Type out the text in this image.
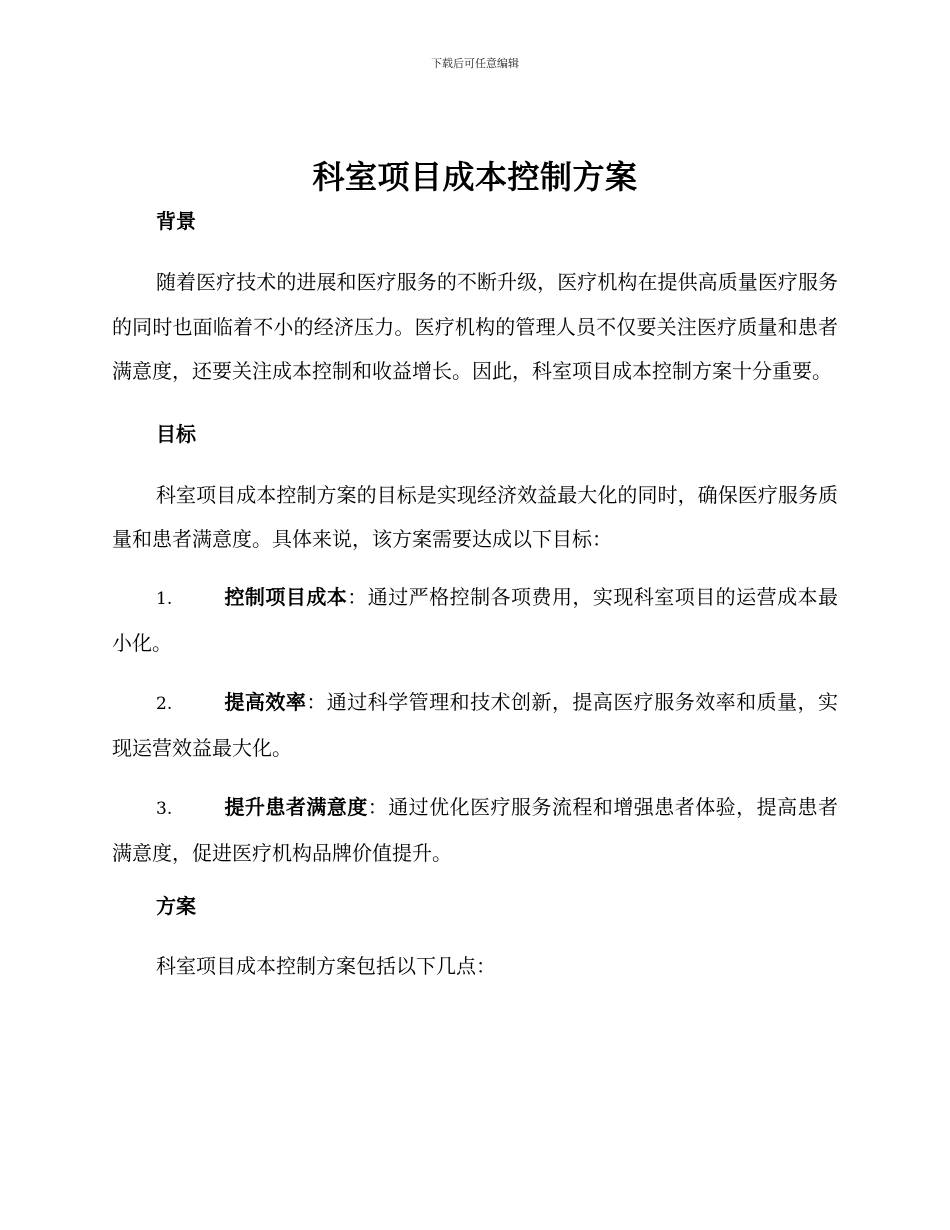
下载后可任意编辑
科室项目成本控制方案
背景
随着医疗技术的进展和医疗服务的不断升级，医疗机构在提供高质量医疗服务的同时也面临着不小的经济压力。医疗机构的管理人员不仅要关注医疗质量和患者满意度，还要关注成本控制和收益增长。因此，科室项目成本控制方案十分重要。
目标
科室项目成本控制方案的目标是实现经济效益最大化的同时，确保医疗服务质量和患者满意度。具体来说，该方案需要达成以下目标：
1.	控制项目成本：通过严格控制各项费用，实现科室项目的运营成本最小化。
2.	提高效率：通过科学管理和技术创新，提高医疗服务效率和质量，实现运营效益最大化。
3.	提升患者满意度：通过优化医疗服务流程和增强患者体验，提高患者满意度，促进医疗机构品牌价值提升。
方案
科室项目成本控制方案包括以下几点：
